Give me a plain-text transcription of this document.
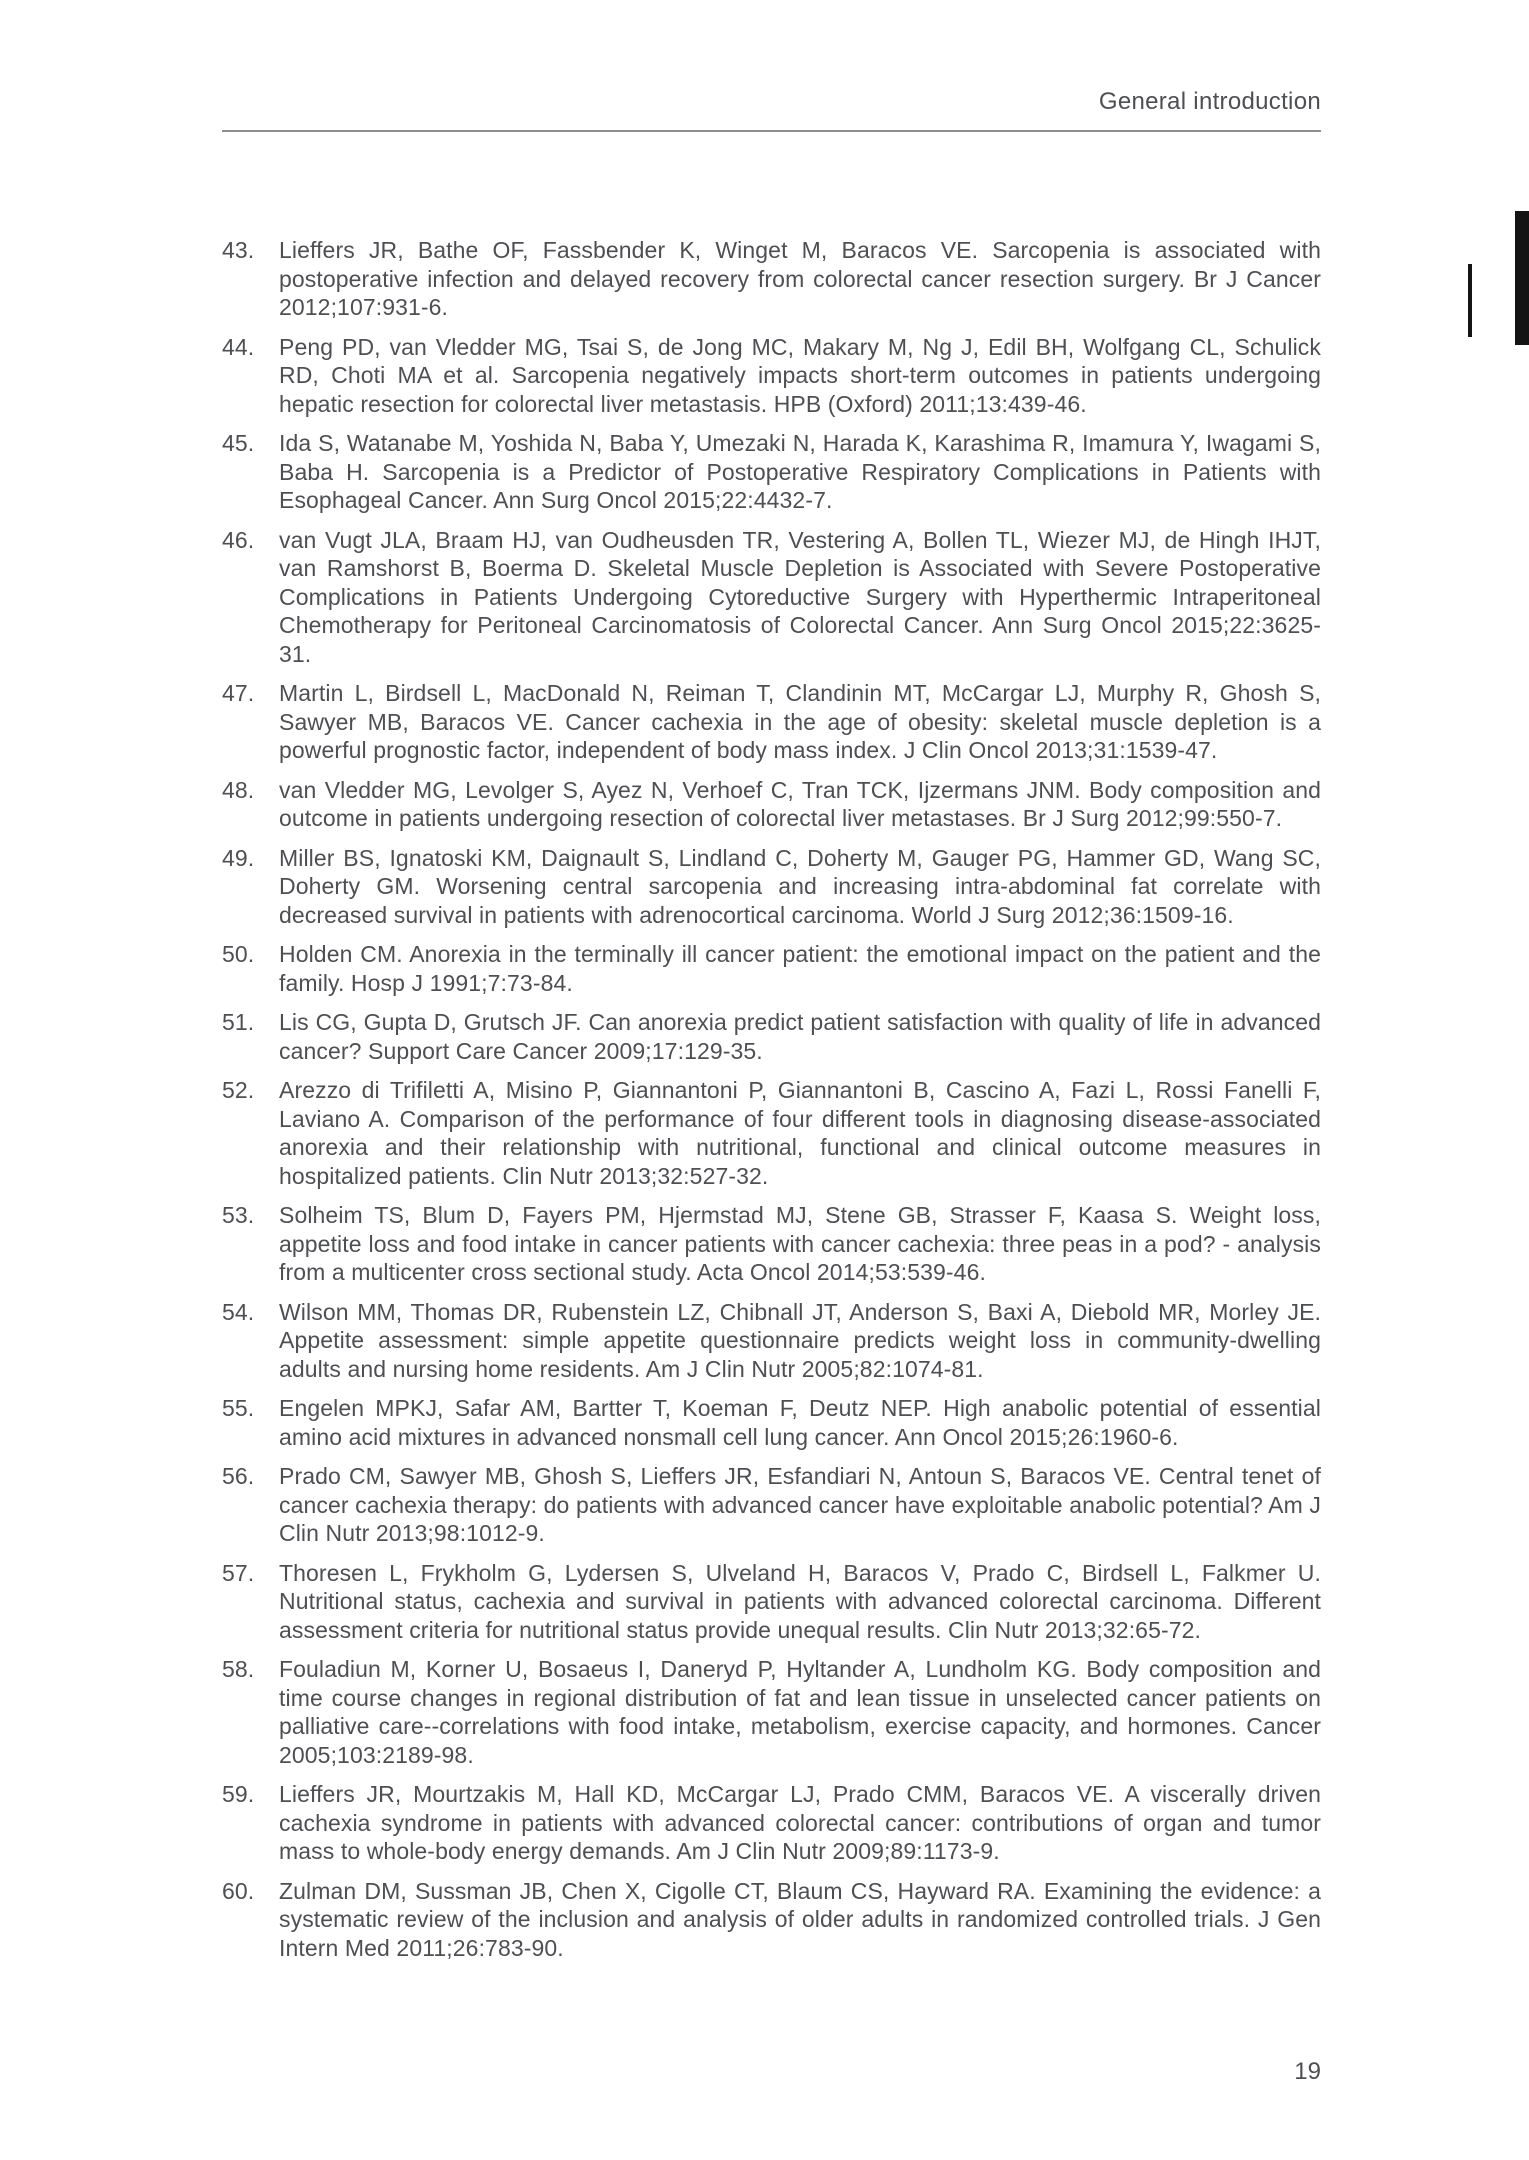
General introduction
43.	Lieffers JR, Bathe OF, Fassbender K, Winget M, Baracos VE. Sarcopenia is associated with postoperative infection and delayed recovery from colorectal cancer resection surgery. Br J Cancer 2012;107:931-6.
44.	Peng PD, van Vledder MG, Tsai S, de Jong MC, Makary M, Ng J, Edil BH, Wolfgang CL, Schulick RD, Choti MA et al. Sarcopenia negatively impacts short-term outcomes in patients undergoing hepatic resection for colorectal liver metastasis. HPB (Oxford) 2011;13:439-46.
45.	Ida S, Watanabe M, Yoshida N, Baba Y, Umezaki N, Harada K, Karashima R, Imamura Y, Iwagami S, Baba H. Sarcopenia is a Predictor of Postoperative Respiratory Complications in Patients with Esophageal Cancer. Ann Surg Oncol 2015;22:4432-7.
46.	van Vugt JLA, Braam HJ, van Oudheusden TR, Vestering A, Bollen TL, Wiezer MJ, de Hingh IHJT, van Ramshorst B, Boerma D. Skeletal Muscle Depletion is Associated with Severe Postoperative Complications in Patients Undergoing Cytoreductive Surgery with Hyperthermic Intraperitoneal Chemotherapy for Peritoneal Carcinomatosis of Colorectal Cancer. Ann Surg Oncol 2015;22:3625-31.
47.	Martin L, Birdsell L, MacDonald N, Reiman T, Clandinin MT, McCargar LJ, Murphy R, Ghosh S, Sawyer MB, Baracos VE. Cancer cachexia in the age of obesity: skeletal muscle depletion is a powerful prognostic factor, independent of body mass index. J Clin Oncol 2013;31:1539-47.
48.	van Vledder MG, Levolger S, Ayez N, Verhoef C, Tran TCK, Ijzermans JNM. Body composition and outcome in patients undergoing resection of colorectal liver metastases. Br J Surg 2012;99:550-7.
49.	Miller BS, Ignatoski KM, Daignault S, Lindland C, Doherty M, Gauger PG, Hammer GD, Wang SC, Doherty GM. Worsening central sarcopenia and increasing intra-abdominal fat correlate with decreased survival in patients with adrenocortical carcinoma. World J Surg 2012;36:1509-16.
50.	Holden CM. Anorexia in the terminally ill cancer patient: the emotional impact on the patient and the family. Hosp J 1991;7:73-84.
51.	Lis CG, Gupta D, Grutsch JF. Can anorexia predict patient satisfaction with quality of life in advanced cancer? Support Care Cancer 2009;17:129-35.
52.	Arezzo di Trifiletti A, Misino P, Giannantoni P, Giannantoni B, Cascino A, Fazi L, Rossi Fanelli F, Laviano A. Comparison of the performance of four different tools in diagnosing disease-associated anorexia and their relationship with nutritional, functional and clinical outcome measures in hospitalized patients. Clin Nutr 2013;32:527-32.
53.	Solheim TS, Blum D, Fayers PM, Hjermstad MJ, Stene GB, Strasser F, Kaasa S. Weight loss, appetite loss and food intake in cancer patients with cancer cachexia: three peas in a pod? - analysis from a multicenter cross sectional study. Acta Oncol 2014;53:539-46.
54.	Wilson MM, Thomas DR, Rubenstein LZ, Chibnall JT, Anderson S, Baxi A, Diebold MR, Morley JE. Appetite assessment: simple appetite questionnaire predicts weight loss in community-dwelling adults and nursing home residents. Am J Clin Nutr 2005;82:1074-81.
55.	Engelen MPKJ, Safar AM, Bartter T, Koeman F, Deutz NEP. High anabolic potential of essential amino acid mixtures in advanced nonsmall cell lung cancer. Ann Oncol 2015;26:1960-6.
56.	Prado CM, Sawyer MB, Ghosh S, Lieffers JR, Esfandiari N, Antoun S, Baracos VE. Central tenet of cancer cachexia therapy: do patients with advanced cancer have exploitable anabolic potential? Am J Clin Nutr 2013;98:1012-9.
57.	Thoresen L, Frykholm G, Lydersen S, Ulveland H, Baracos V, Prado C, Birdsell L, Falkmer U. Nutritional status, cachexia and survival in patients with advanced colorectal carcinoma. Different assessment criteria for nutritional status provide unequal results. Clin Nutr 2013;32:65-72.
58.	Fouladiun M, Korner U, Bosaeus I, Daneryd P, Hyltander A, Lundholm KG. Body composition and time course changes in regional distribution of fat and lean tissue in unselected cancer patients on palliative care--correlations with food intake, metabolism, exercise capacity, and hormones. Cancer 2005;103:2189-98.
59.	Lieffers JR, Mourtzakis M, Hall KD, McCargar LJ, Prado CMM, Baracos VE. A viscerally driven cachexia syndrome in patients with advanced colorectal cancer: contributions of organ and tumor mass to whole-body energy demands. Am J Clin Nutr 2009;89:1173-9.
60.	Zulman DM, Sussman JB, Chen X, Cigolle CT, Blaum CS, Hayward RA. Examining the evidence: a systematic review of the inclusion and analysis of older adults in randomized controlled trials. J Gen Intern Med 2011;26:783-90.
19
